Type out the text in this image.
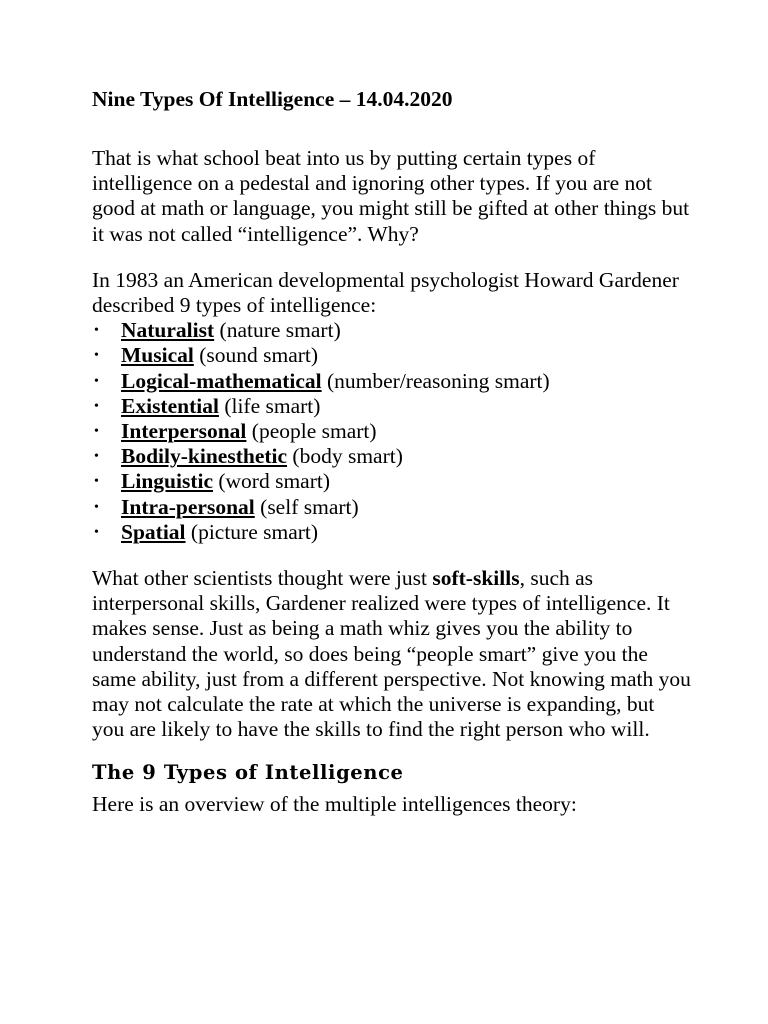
Nine Types Of Intelligence – 14.04.2020

That is what school beat into us by putting certain types of intelligence on a pedestal and ignoring other types. If you are not good at math or language, you might still be gifted at other things but it was not called “intelligence”. Why?

In 1983 an American developmental psychologist Howard Gardener described 9 types of intelligence:

• Naturalist (nature smart)
• Musical (sound smart)
• Logical-mathematical (number/reasoning smart)
• Existential (life smart)
• Interpersonal (people smart)
• Bodily-kinesthetic (body smart)
• Linguistic (word smart)
• Intra-personal (self smart)
• Spatial (picture smart)

What other scientists thought were just soft-skills, such as interpersonal skills, Gardener realized were types of intelligence. It makes sense. Just as being a math whiz gives you the ability to understand the world, so does being “people smart” give you the same ability, just from a different perspective. Not knowing math you may not calculate the rate at which the universe is expanding, but you are likely to have the skills to find the right person who will.

The 9 Types of Intelligence

Here is an overview of the multiple intelligences theory:
